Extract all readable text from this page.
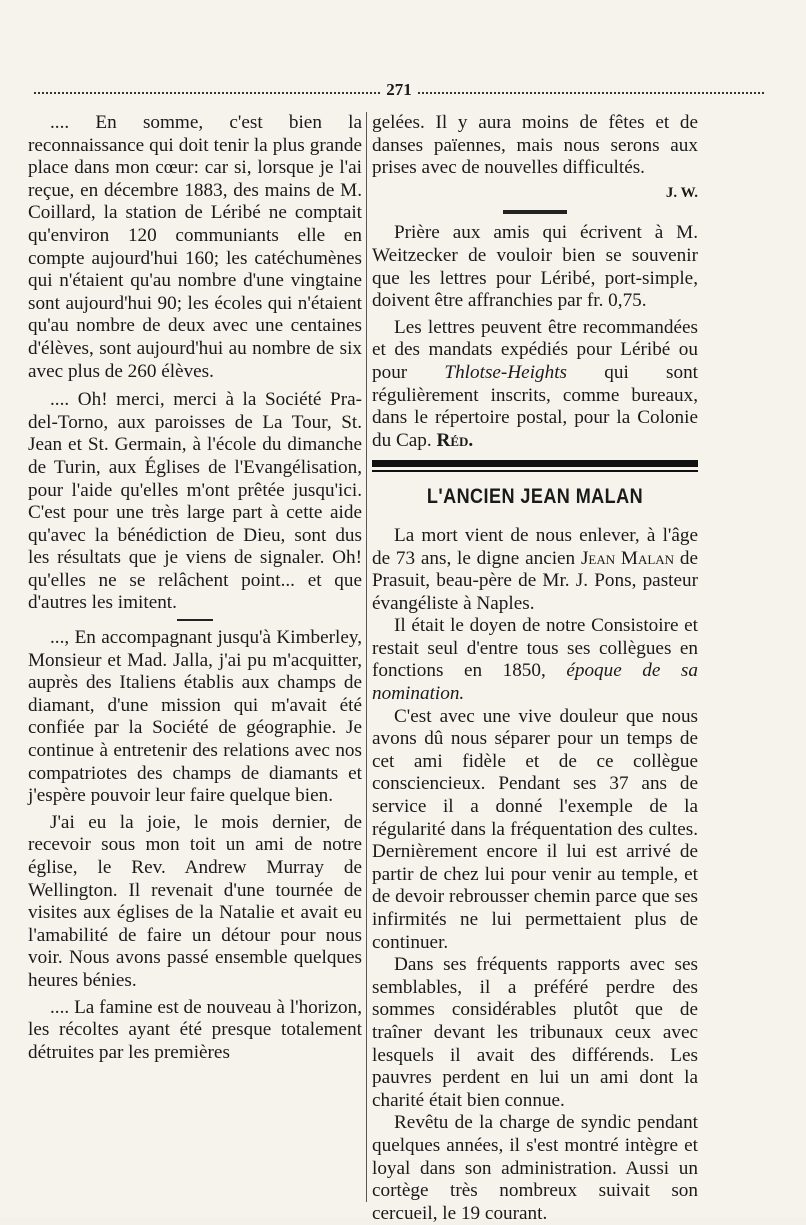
271

.... En somme, c'est bien la reconnaissance qui doit tenir la plus grande place dans mon cœur: car si, lorsque je l'ai reçue, en décembre 1883, des mains de M. Coillard, la station de Léribé ne comptait qu'environ 120 communiants elle en compte aujourd'hui 160; les catéchumènes qui n'étaient qu'au nombre d'une vingtaine sont aujourd'hui 90; les écoles qui n'étaient qu'au nombre de deux avec une centaines d'élèves, sont aujourd'hui au nombre de six avec plus de 260 élèves.

.... Oh! merci, merci à la Société Pra-del-Torno, aux paroisses de La Tour, St. Jean et St. Germain, à l'école du dimanche de Turin, aux Églises de l'Evangélisation, pour l'aide qu'elles m'ont prêtée jusqu'ici. C'est pour une très large part à cette aide qu'avec la bénédiction de Dieu, sont dus les résultats que je viens de signaler. Oh! qu'elles ne se relâchent point... et que d'autres les imitent.

..., En accompagnant jusqu'à Kimberley, Monsieur et Mad. Jalla, j'ai pu m'acquitter, auprès des Italiens établis aux champs de diamant, d'une mission qui m'avait été confiée par la Société de géographie. Je continue à entretenir des relations avec nos compatriotes des champs de diamants et j'espère pouvoir leur faire quelque bien.

J'ai eu la joie, le mois dernier, de recevoir sous mon toit un ami de notre église, le Rev. Andrew Murray de Wellington. Il revenait d'une tournée de visites aux églises de la Natalie et avait eu l'amabilité de faire un détour pour nous voir. Nous avons passé ensemble quelques heures bénies.

.... La famine est de nouveau à l'horizon, les récoltes ayant été presque totalement détruites par les premières

gelées. Il y aura moins de fêtes et de danses païennes, mais nous serons aux prises avec de nouvelles difficultés.

J. W.

Prière aux amis qui écrivent à M. Weitzecker de vouloir bien se souvenir que les lettres pour Léribé, port-simple, doivent être affranchies par fr. 0,75.

Les lettres peuvent être recommandées et des mandats expédiés pour Léribé ou pour Thlotse-Heights qui sont régulièrement inscrits, comme bureaux, dans le répertoire postal, pour la Colonie du Cap. Réd.

L'ANCIEN JEAN MALAN

La mort vient de nous enlever, à l'âge de 73 ans, le digne ancien Jean Malan de Prasuit, beau-père de Mr. J. Pons, pasteur évangéliste à Naples.

Il était le doyen de notre Consistoire et restait seul d'entre tous ses collègues en fonctions en 1850, époque de sa nomination.

C'est avec une vive douleur que nous avons dû nous séparer pour un temps de cet ami fidèle et de ce collègue consciencieux. Pendant ses 37 ans de service il a donné l'exemple de la régularité dans la fréquentation des cultes. Dernièrement encore il lui est arrivé de partir de chez lui pour venir au temple, et de devoir rebrousser chemin parce que ses infirmités ne lui permettaient plus de continuer.

Dans ses fréquents rapports avec ses semblables, il a préféré perdre des sommes considérables plutôt que de traîner devant les tribunaux ceux avec lesquels il avait des différends. Les pauvres perdent en lui un ami dont la charité était bien connue.

Revêtu de la charge de syndic pendant quelques années, il s'est montré intègre et loyal dans son administration. Aussi un cortège très nombreux suivait son cercueil, le 19 courant.
